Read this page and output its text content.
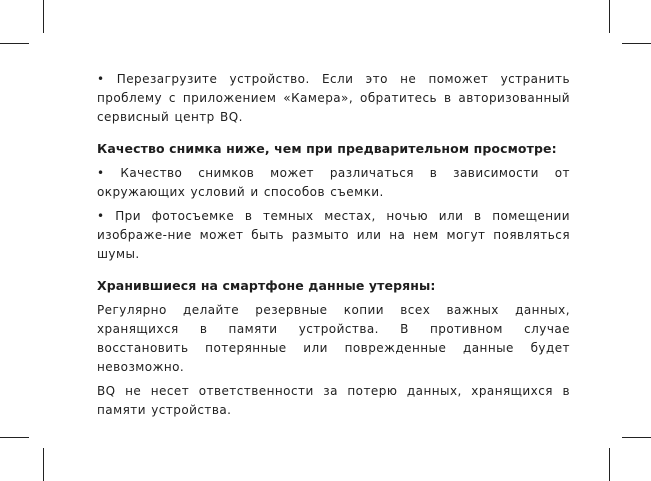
• Перезагрузите устройство. Если это не поможет устранить проблему с приложением «Камера», обратитесь в авторизованный сервисный центр BQ.

Качество снимка ниже, чем при предварительном просмотре:

• Качество снимков может различаться в зависимости от окружающих условий и способов съемки.

• При фотосъемке в темных местах, ночью или в помещении изображе-ние может быть размыто или на нем могут появляться шумы.

Хранившиеся на смартфоне данные утеряны:

Регулярно делайте резервные копии всех важных данных, хранящихся в памяти устройства. В противном случае восстановить потерянные или поврежденные данные будет невозможно.

BQ не несет ответственности за потерю данных, хранящихся в памяти устройства.
